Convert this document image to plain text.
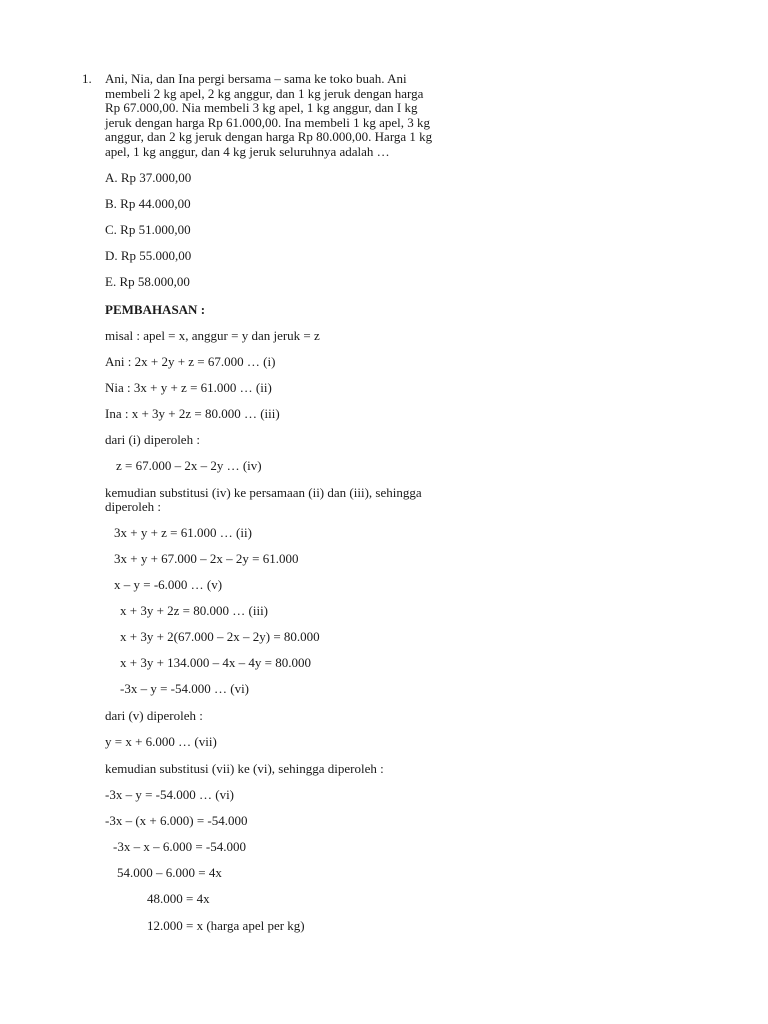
1. Ani, Nia, dan Ina pergi bersama – sama ke toko buah. Ani
membeli 2 kg apel, 2 kg anggur, dan 1 kg jeruk dengan harga
Rp 67.000,00. Nia membeli 3 kg apel, 1 kg anggur, dan I kg
jeruk dengan harga Rp 61.000,00. Ina membeli 1 kg apel, 3 kg
anggur, dan 2 kg jeruk dengan harga Rp 80.000,00. Harga 1 kg
apel, 1 kg anggur, dan 4 kg jeruk seluruhnya adalah …
A. Rp 37.000,00
B. Rp 44.000,00
C. Rp 51.000,00
D. Rp 55.000,00
E. Rp 58.000,00
PEMBAHASAN :
misal : apel = x, anggur = y dan jeruk = z
Ani : 2x + 2y + z = 67.000 … (i)
Nia : 3x + y + z = 61.000 … (ii)
Ina : x + 3y + 2z = 80.000 … (iii)
dari (i) diperoleh :
z = 67.000 – 2x – 2y … (iv)
kemudian substitusi (iv) ke persamaan (ii) dan (iii), sehingga
diperoleh :
3x + y + z = 61.000 … (ii)
3x + y + 67.000 – 2x – 2y = 61.000
x – y = -6.000 … (v)
x + 3y + 2z = 80.000 … (iii)
x + 3y + 2(67.000 – 2x – 2y) = 80.000
x + 3y + 134.000 – 4x – 4y = 80.000
-3x – y = -54.000 … (vi)
dari (v) diperoleh :
y = x + 6.000 … (vii)
kemudian substitusi (vii) ke (vi), sehingga diperoleh :
-3x – y = -54.000 … (vi)
-3x – (x + 6.000) = -54.000
-3x – x – 6.000 = -54.000
54.000 – 6.000 = 4x
48.000 = 4x
12.000 = x (harga apel per kg)
